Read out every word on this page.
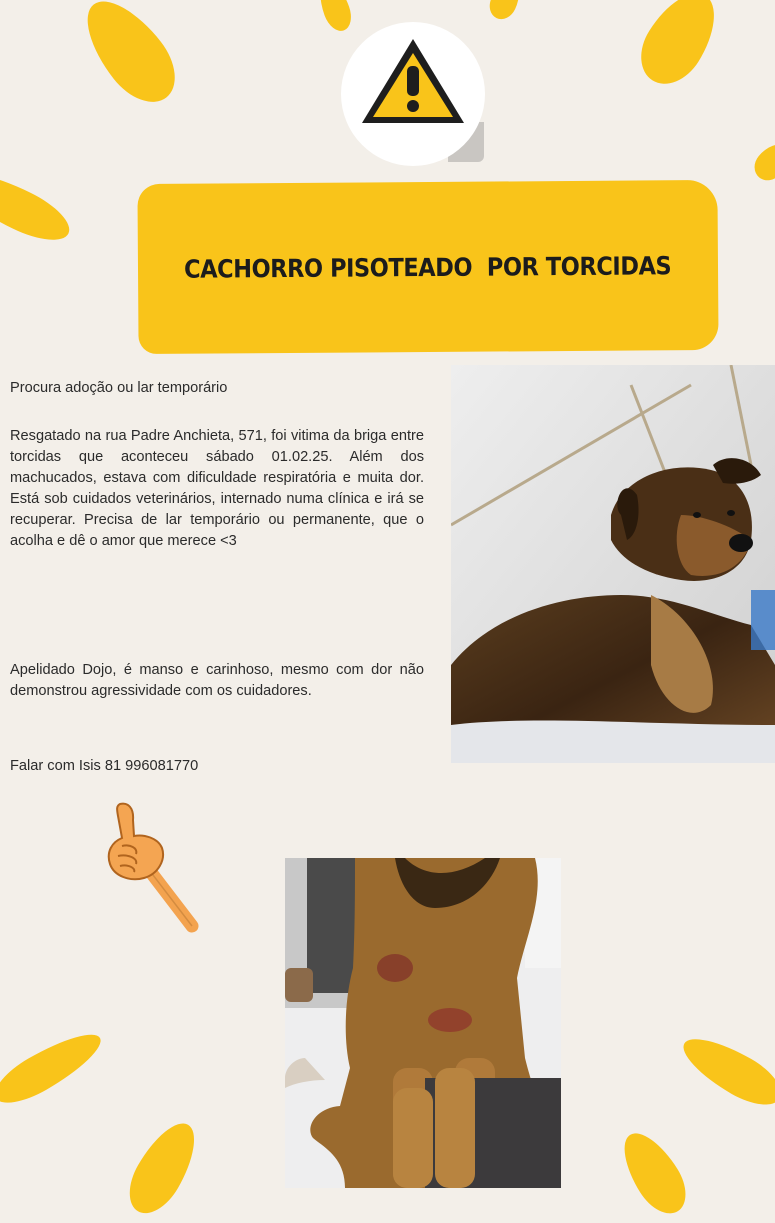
CACHORRO PISOTEADO  POR TORCIDAS
Procura adoção ou lar temporário
Resgatado na rua Padre Anchieta, 571, foi vitima da briga entre torcidas que aconteceu sábado 01.02.25. Além dos machucados, estava com dificuldade respiratória e muita dor. Está sob cuidados veterinários, internado numa clínica e irá se recuperar. Precisa de lar temporário ou permanente, que o acolha e dê o amor que merece <3
Apelidado Dojo, é manso e carinhoso, mesmo com dor não demonstrou agressividade com os cuidadores.
Falar com Isis 81 996081770
